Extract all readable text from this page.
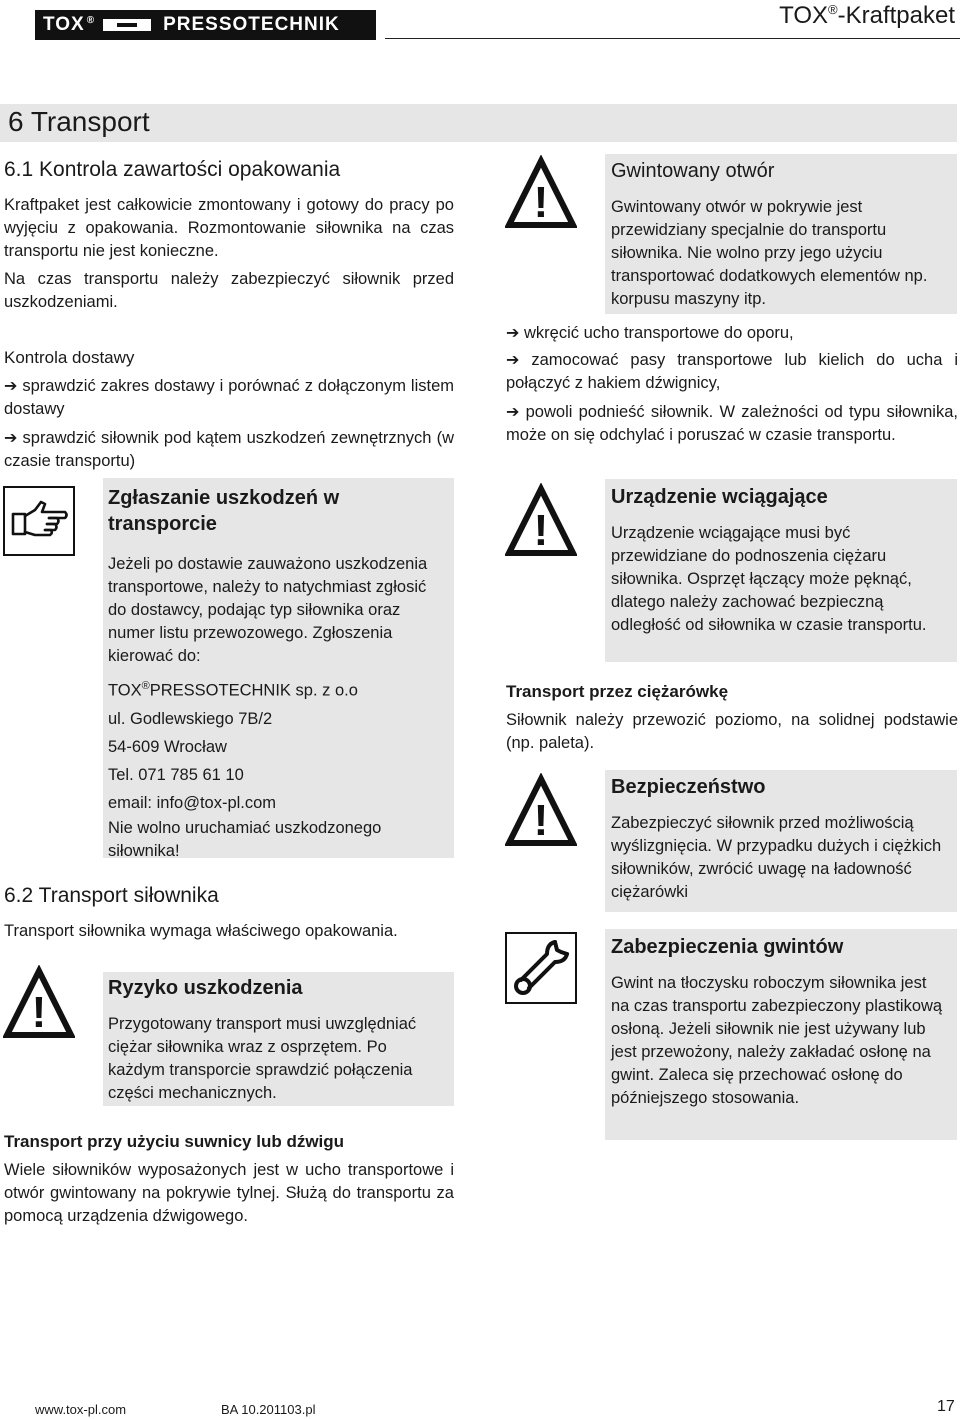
TOX ®	PRESSOTECHNIK	TOX®-Kraftpaket
6 Transport
6.1 Kontrola zawartości opakowania

Kraftpaket jest całkowicie zmontowany i gotowy do pracy po wyjęciu z opakowania. Rozmontowanie siłownika na czas transportu nie jest konieczne.

Na czas transportu należy zabezpieczyć siłownik przed uszkodzeniami.

Kontrola dostawy

➔ sprawdzić zakres dostawy i porównać z dołączonym listem dostawy

➔ sprawdzić siłownik pod kątem uszkodzeń zewnętrznych (w czasie transportu)

Zgłaszanie uszkodzeń w transporcie

Jeżeli po dostawie zauważono uszkodzenia transportowe, należy to natychmiast zgłosić do dostawcy, podając typ siłownika oraz numer listu przewozowego. Zgłoszenia kierować do:

TOX®PRESSOTECHNIK sp. z o.o
ul. Godlewskiego 7B/2
54-609 Wrocław
Tel. 071 785 61 10
email: info@tox-pl.com

Nie wolno uruchamiać uszkodzonego siłownika!

6.2 Transport siłownika

Transport siłownika wymaga właściwego opakowania.

!	Ryzyko uszkodzenia

Przygotowany transport musi uwzględniać ciężar siłownika wraz z osprzętem. Po każdym transporcie sprawdzić połączenia części mechanicznych.

Transport przy użyciu suwnicy lub dźwigu

Wiele siłowników wyposażonych jest w ucho transportowe i otwór gwintowany na pokrywie tylnej. Służą do transportu za pomocą urządzenia dźwigowego.

!

Gwintowany otwór

Gwintowany otwór w pokrywie jest przewidziany specjalnie do transportu siłownika. Nie wolno przy jego użyciu transportować dodatkowych elementów np. korpusu maszyny itp.

➔ wkręcić ucho transportowe do oporu,

➔ zamocować pasy transportowe lub kielich do ucha i połączyć z hakiem dźwignicy,

➔ powoli podnieść siłownik. W zależności od typu siłownika, może on się odchylać i poruszać w czasie transportu.

!

Urządzenie wciągające

Urządzenie wciągające musi być przewidziane do podnoszenia ciężaru siłownika. Osprzęt łączący może pęknąć, dlatego należy zachować bezpieczną odległość od siłownika w czasie transportu.

Transport przez ciężarówkę

Siłownik należy przewozić poziomo, na solidnej podstawie (np. paleta).

!

Bezpieczeństwo

Zabezpieczyć siłownik przed możliwością wyślizgnięcia. W przypadku dużych i ciężkich siłowników, zwrócić uwagę na ładowność ciężarówki

Zabezpieczenia gwintów

Gwint na tłoczysku roboczym siłownika jest na czas transportu zabezpieczony plastikową osłoną. Jeżeli siłownik nie jest używany lub jest przewożony, należy zakładać osłonę na gwint. Zaleca się przechować osłonę do późniejszego stosowania.

www.tox-pl.com	BA 10.201103.pl	17
